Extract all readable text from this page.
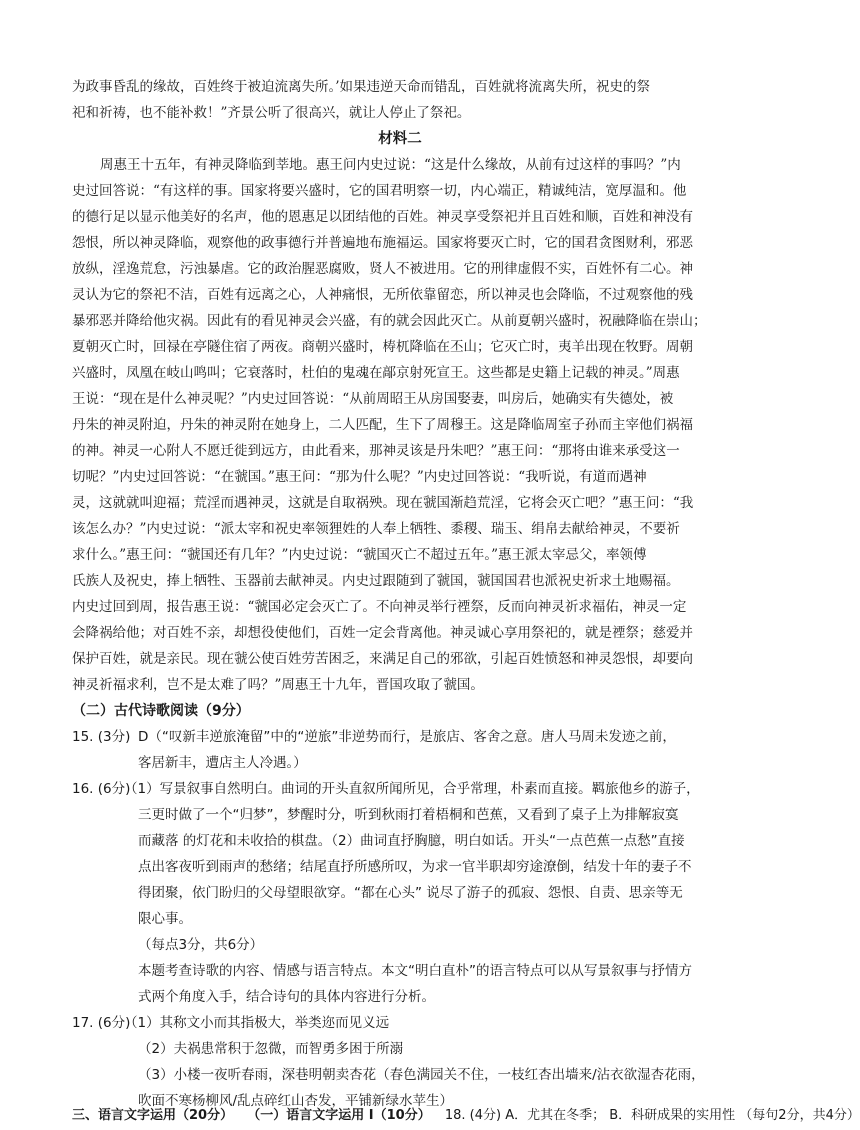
为政事昏乱的缘故，百姓终于被迫流离失所。’如果违逆天命而错乱，百姓就将流离失所，祝史的祭
祀和祈祷，也不能补救！”齐景公听了很高兴，就让人停止了祭祀。
材料二
周惠王十五年，有神灵降临到莘地。惠王问内史过说：“这是什么缘故，从前有过这样的事吗？”内
史过回答说：“有这样的事。国家将要兴盛时，它的国君明察一切，内心端正，精诚纯洁，宽厚温和。他
的德行足以显示他美好的名声，他的恩惠足以团结他的百姓。神灵享受祭祀并且百姓和顺，百姓和神没有
怨恨，所以神灵降临，观察他的政事德行并普遍地布施福运。国家将要灭亡时，它的国君贪图财利，邪恶
放纵，淫逸荒怠，污浊暴虐。它的政治腥恶腐败，贤人不被进用。它的刑律虚假不实，百姓怀有二心。神
灵认为它的祭祀不洁，百姓有远离之心，人神痛恨，无所依靠留恋，所以神灵也会降临，不过观察他的残
暴邪恶并降给他灾祸。因此有的看见神灵会兴盛，有的就会因此灭亡。从前夏朝兴盛时，祝融降临在崇山；
夏朝灭亡时，回禄在亭隧住宿了两夜。商朝兴盛时，梼杌降临在丕山；它灭亡时，夷羊出现在牧野。周朝
兴盛时，凤凰在岐山鸣叫；它衰落时，杜伯的鬼魂在鄗京射死宣王。这些都是史籍上记载的神灵。”周惠
王说：“现在是什么神灵呢？”内史过回答说：“从前周昭王从房国娶妻，叫房后，她确实有失德处，被
丹朱的神灵附迫，丹朱的神灵附在她身上，二人匹配，生下了周穆王。这是降临周室子孙而主宰他们祸福
的神。神灵一心附人不愿迁徙到远方，由此看来，那神灵该是丹朱吧？”惠王问：“那将由谁来承受这一
切呢？”内史过回答说：“在虢国。”惠王问：“那为什么呢？”内史过回答说：“我听说，有道而遇神
灵，这就就叫迎福；荒淫而遇神灵，这就是自取祸殃。现在虢国渐趋荒淫，它将会灭亡吧？”惠王问：“我
该怎么办？”内史过说：“派太宰和祝史率领狸姓的人奉上牺牲、黍稷、瑞玉、绢帛去献给神灵，不要祈
求什么。”惠王问：“虢国还有几年？”内史过说：“虢国灭亡不超过五年。”惠王派太宰忌父，率领傅
氏族人及祝史，捧上牺牲、玉器前去献神灵。内史过跟随到了虢国，虢国国君也派祝史祈求土地赐福。
内史过回到周，报告惠王说：“虢国必定会灭亡了。不向神灵举行禋祭，反而向神灵祈求福佑，神灵一定
会降祸给他；对百姓不亲，却想役使他们，百姓一定会背离他。神灵诚心享用祭祀的，就是禋祭；慈爱并
保护百姓，就是亲民。现在虢公使百姓劳苦困乏，来满足自己的邪欲，引起百姓愤怒和神灵怨恨，却要向
神灵祈福求利，岂不是太难了吗？”周惠王十九年，晋国攻取了虢国。
（二）古代诗歌阅读（9分）
15. (3分) D（“叹新丰逆旅淹留”中的“逆旅”非逆势而行，是旅店、客舍之意。唐人马周未发迹之前，
客居新丰，遭店主人冷遇。）
16. (6分)
（1）写景叙事自然明白。曲词的开头直叙所闻所见，合乎常理，朴素而直接。羁旅他乡的游子，
三更时做了一个“归梦”，梦醒时分，听到秋雨打着梧桐和芭蕉，又看到了桌子上为排解寂寞
而藏落 的灯花和未收拾的棋盘。（2）曲词直抒胸臆，明白如话。开头“一点芭蕉一点愁”直接
点出客夜听到雨声的愁绪；结尾直抒所感所叹，为求一官半职却穷途潦倒，结发十年的妻子不
得团聚，依门盼归的父母望眼欲穿。“都在心头” 说尽了游子的孤寂、怨恨、自责、思亲等无
限心事。
（每点3分，共6分）
本题考查诗歌的内容、情感与语言特点。本文“明白直朴”的语言特点可以从写景叙事与抒情方
式两个角度入手，结合诗句的具体内容进行分析。
17. (6分)
（1）其称文小而其指极大，举类迩而见义远
（2）夫祸患常积于忽微，而智勇多困于所溺
（3）小楼一夜听春雨，深巷明朝卖杏花（春色满园关不住，一枝红杏出墙来/沾衣欲湿杏花雨，
吹面不寒杨柳风/乱点碎红山杏发，平铺新绿水苹生）
三、语言文字运用（20分） （一）语言文字运用 Ⅰ（10分） 18. (4分) A．尤其在冬季； B．科研成果的实用性 （每句2分，共4分）
